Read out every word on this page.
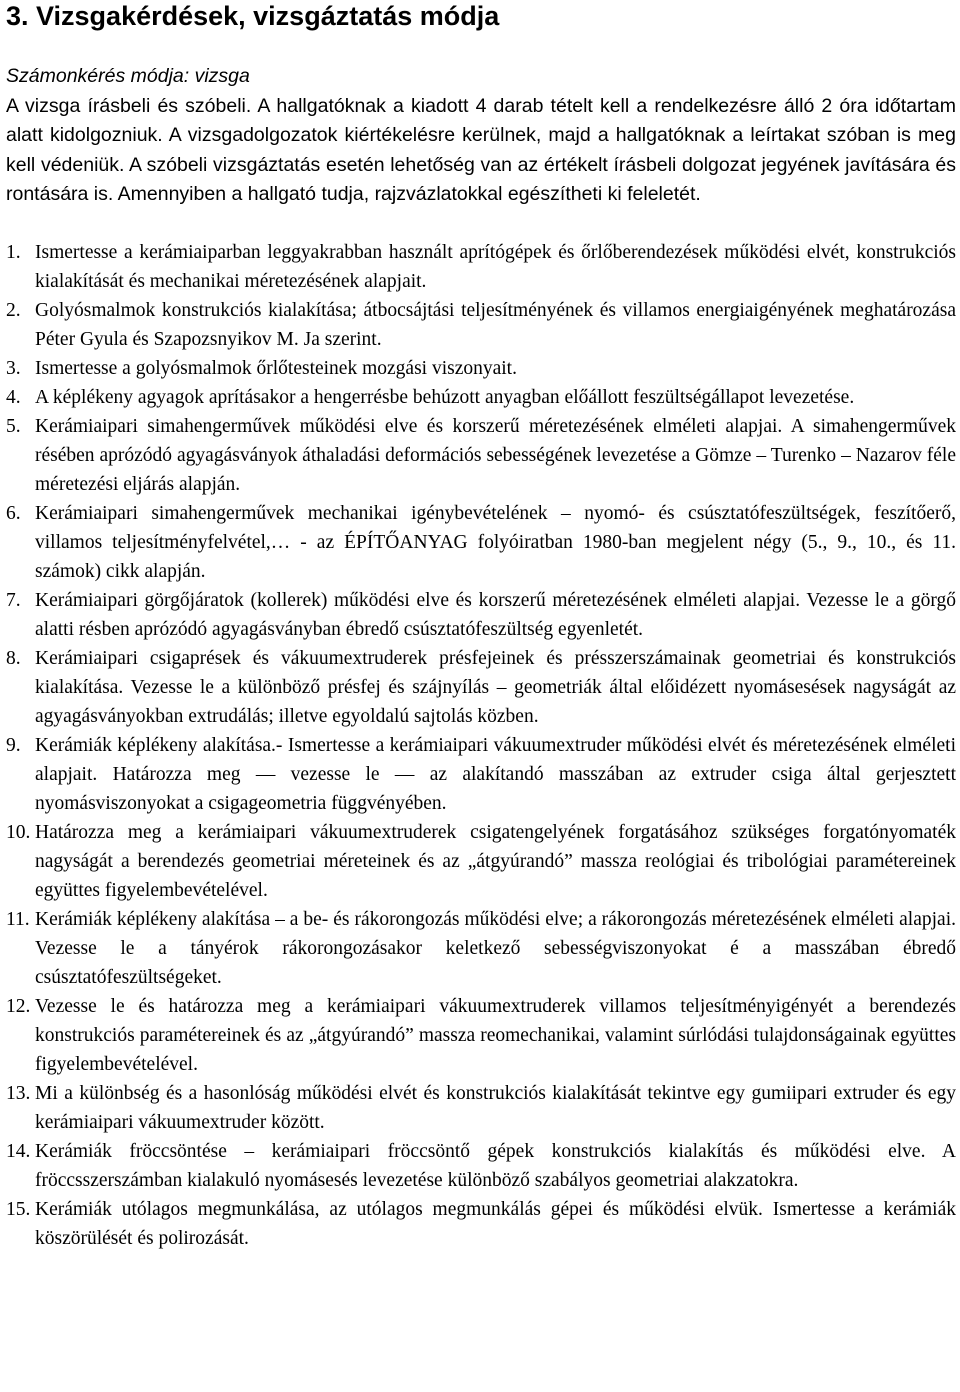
3. Vizsgakérdések, vizsgáztatás módja
Számonkérés módja: vizsga
A vizsga írásbeli és szóbeli. A hallgatóknak a kiadott 4 darab tételt kell a rendelkezésre álló 2 óra időtartam alatt kidolgozniuk. A vizsgadolgozatok kiértékelésre kerülnek, majd a hallgatóknak a leírtakat szóban is meg kell védeniük. A szóbeli vizsgáztatás esetén lehetőség van az értékelt írásbeli dolgozat jegyének javítására és rontására is. Amennyiben a hallgató tudja, rajzvázlatokkal egészítheti ki feleletét.
1. Ismertesse a kerámiaiparban leggyakrabban használt aprítógépek és őrlőberendezések működési elvét, konstrukciós kialakítását és mechanikai méretezésének alapjait.
2. Golyósmalmok konstrukciós kialakítása; átbocsájtási teljesítményének és villamos energiaigényének meghatározása Péter Gyula és Szapozsnyikov M. Ja szerint.
3. Ismertesse a golyósmalmok őrlőtesteinek mozgási viszonyait.
4. A képlékeny agyagok aprításakor a hengerrésbe behúzott anyagban előállott feszültségállapot levezetése.
5. Kerámiaipari simahengerművek működési elve és korszerű méretezésének elméleti alapjai. A simahengerművek résében aprózódó agyagásványok áthaladási deformációs sebességének levezetése a Gömze – Turenko – Nazarov féle méretezési eljárás alapján.
6. Kerámiaipari simahengerművek mechanikai igénybevételének – nyomó- és csúsztatófeszültségek, feszítőerő, villamos teljesítményfelvétel,… - az ÉPÍTŐANYAG folyóiratban 1980-ban megjelent négy (5., 9., 10., és 11. számok) cikk alapján.
7. Kerámiaipari görgőjáratok (kollerek) működési elve és korszerű méretezésének elméleti alapjai. Vezesse le a görgő alatti résben aprózódó agyagásványban ébredő csúsztatófeszültség egyenletét.
8. Kerámiaipari csigaprések és vákuumextruderek présfejeinek és présszerszámainak geometriai és konstrukciós kialakítása. Vezesse le a különböző présfej és szájnyílás – geometriák által előidézett nyomásesések nagyságát az agyagásványokban extrudálás; illetve egyoldalú sajtolás közben.
9. Kerámiák képlékeny alakítása.- Ismertesse a kerámiaipari vákuumextruder működési elvét és méretezésének elméleti alapjait. Határozza meg — vezesse le — az alakítandó masszában az extruder csiga által gerjesztett nyomásviszonyokat a csigageometria függvényében.
10. Határozza meg a kerámiaipari vákuumextruderek csigatengelyének forgatásához szükséges forgatónyomaték nagyságát a berendezés geometriai méreteinek és az „átgyúrandó” massza reológiai és tribológiai paramétereinek együttes figyelembevételével.
11. Kerámiák képlékeny alakítása – a be- és rákorongozás működési elve; a rákorongozás méretezésének elméleti alapjai. Vezesse le a tányérok rákorongozásakor keletkező sebességviszonyokat é a masszában ébredő csúsztatófeszültségeket.
12. Vezesse le és határozza meg a kerámiaipari vákuumextruderek villamos teljesítményigényét a berendezés konstrukciós paramétereinek és az „átgyúrandó” massza reomechanikai, valamint súrlódási tulajdonságainak együttes figyelembevételével.
13. Mi a különbség és a hasonlóság működési elvét és konstrukciós kialakítását tekintve egy gumiipari extruder és egy kerámiaipari vákuumextruder között.
14. Kerámiák fröccsöntése – kerámiaipari fröccsöntő gépek konstrukciós kialakítás és működési elve. A fröccsszerszámban kialakuló nyomásesés levezetése különböző szabályos geometriai alakzatokra.
15. Kerámiák utólagos megmunkálása, az utólagos megmunkálás gépei és működési elvük. Ismertesse a kerámiák köszörülését és polirozását.
